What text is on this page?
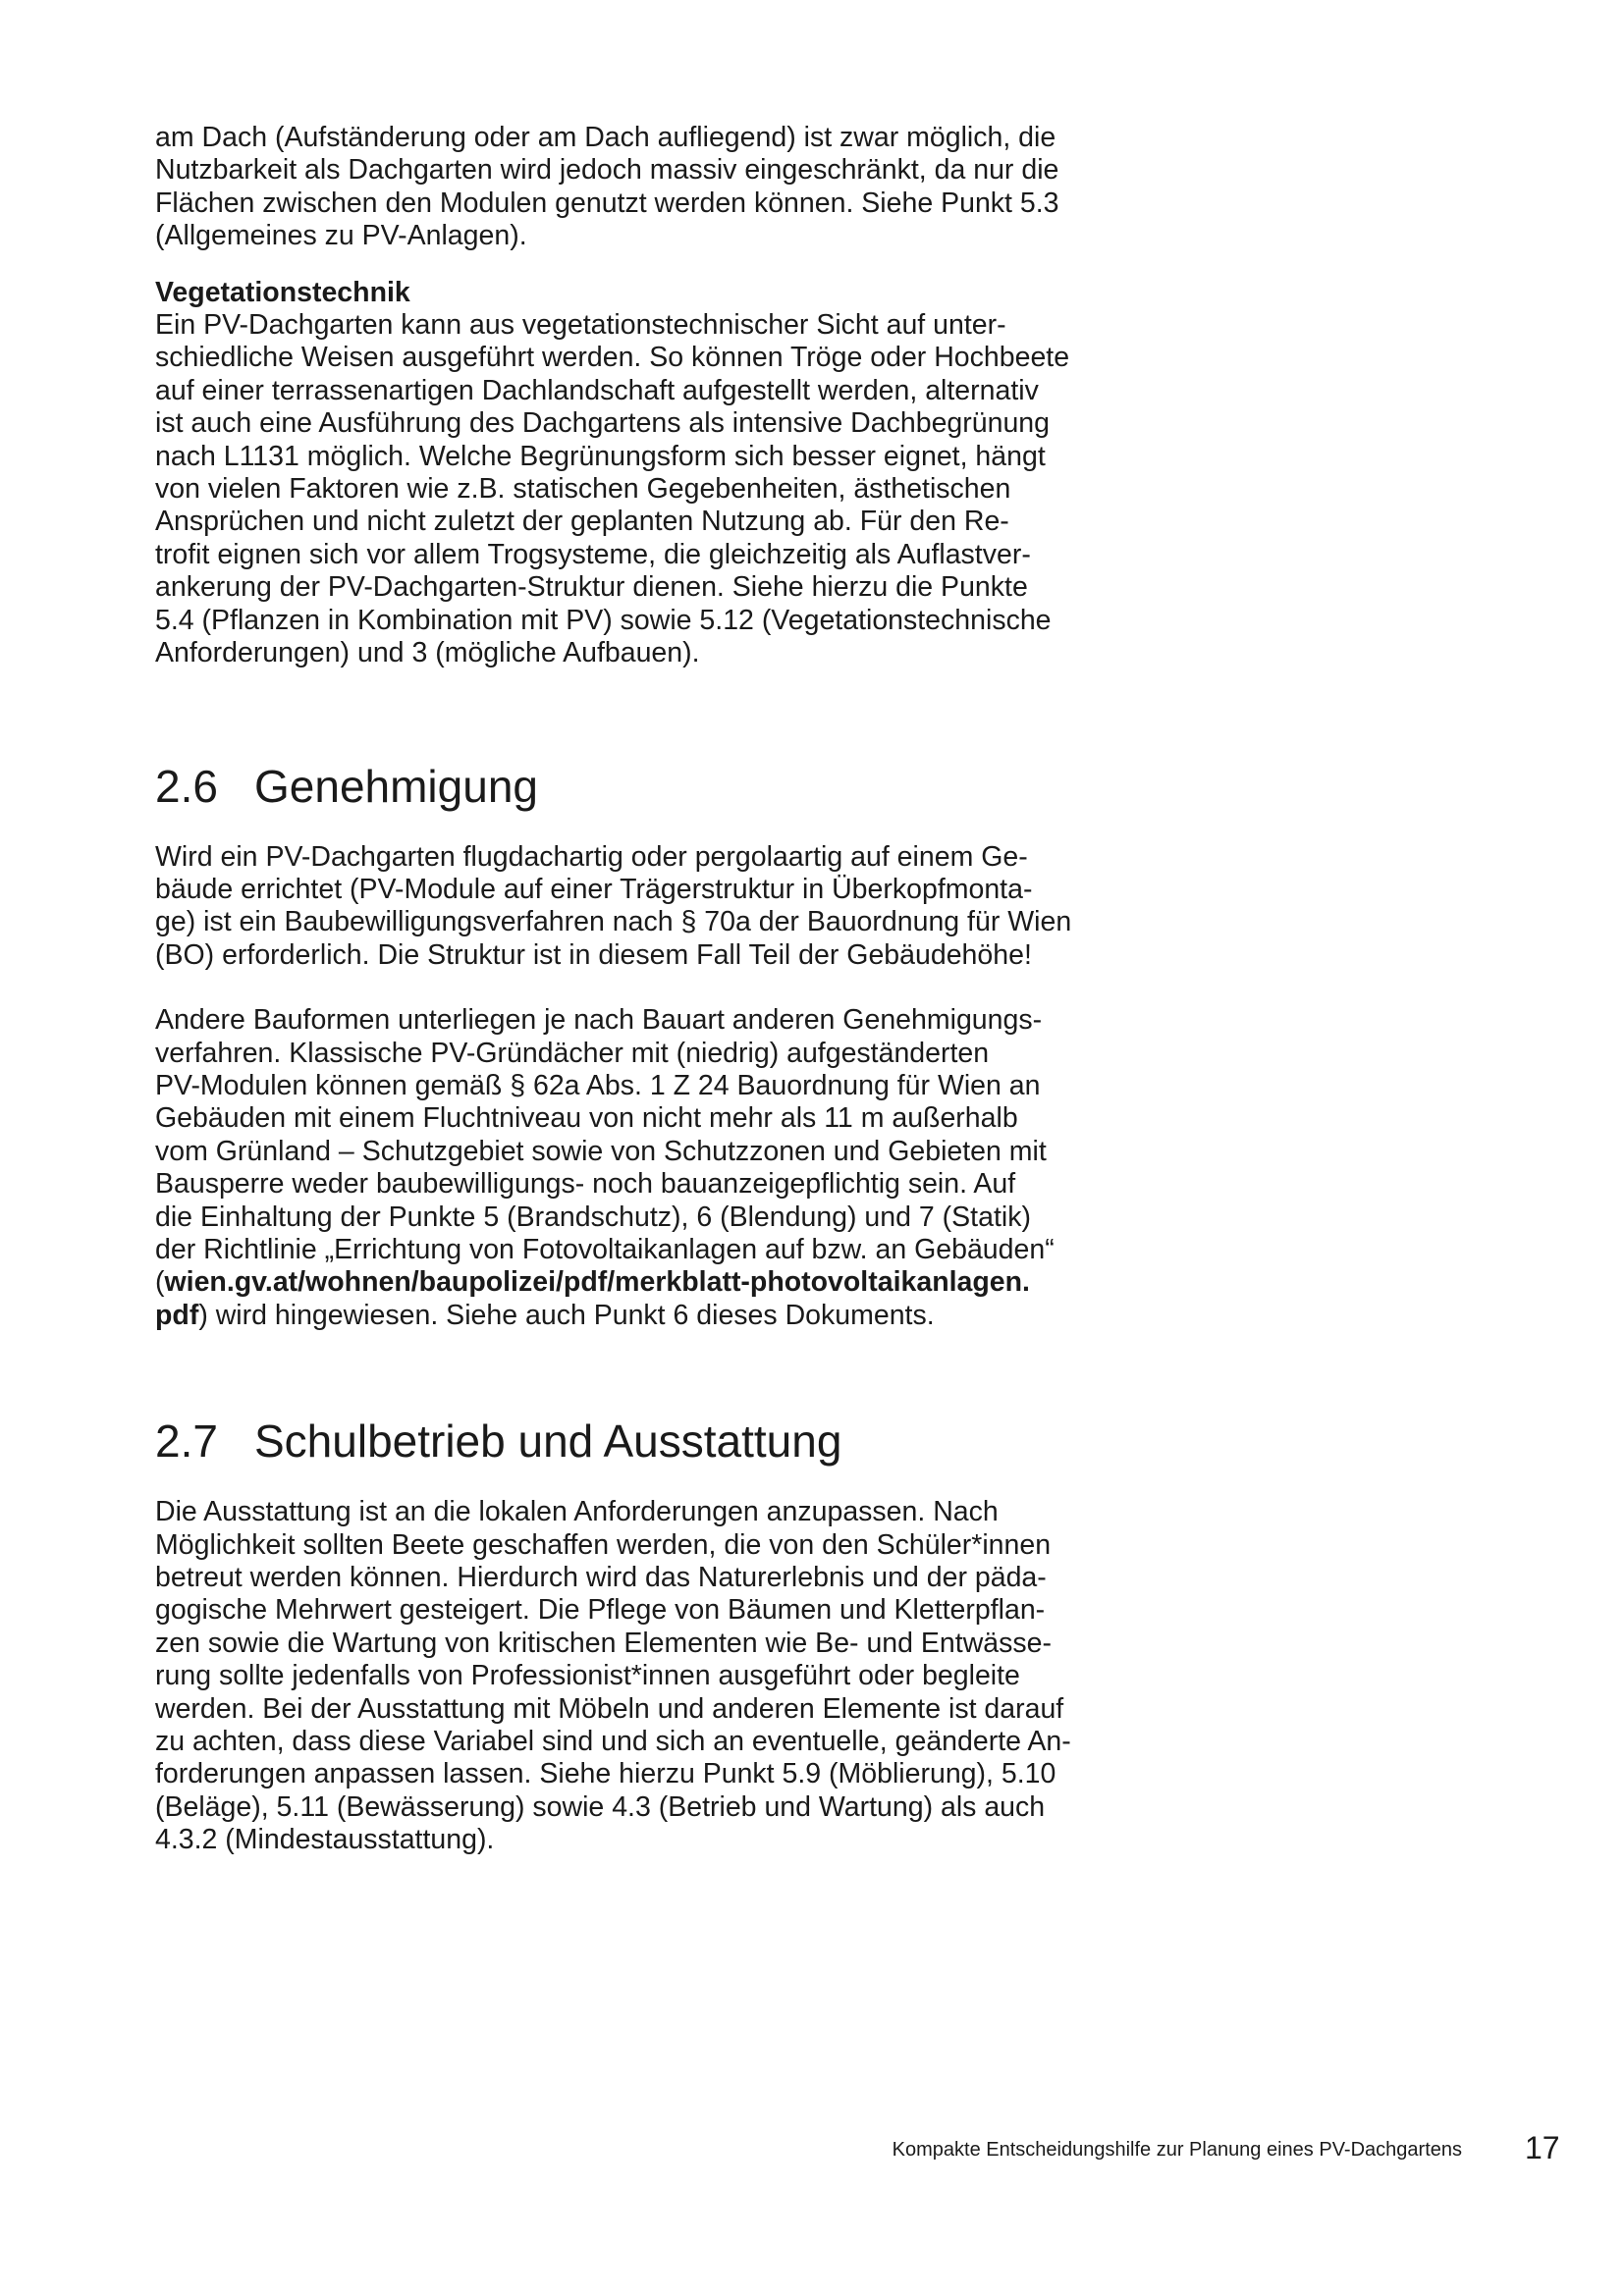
am Dach (Aufständerung oder am Dach aufliegend) ist zwar möglich, die
Nutzbarkeit als Dachgarten wird jedoch massiv eingeschränkt, da nur die
Flächen zwischen den Modulen genutzt werden können. Siehe Punkt 5.3
(Allgemeines zu PV-Anlagen).
Vegetationstechnik
Ein PV-Dachgarten kann aus vegetationstechnischer Sicht auf unter-
schiedliche Weisen ausgeführt werden. So können Tröge oder Hochbeete
auf einer terrassenartigen Dachlandschaft aufgestellt werden, alternativ
ist auch eine Ausführung des Dachgartens als intensive Dachbegrünung
nach L1131 möglich. Welche Begrünungsform sich besser eignet, hängt
von vielen Faktoren wie z.B. statischen Gegebenheiten, ästhetischen
Ansprüchen und nicht zuletzt der geplanten Nutzung ab. Für den Re-
trofit eignen sich vor allem Trogsysteme, die gleichzeitig als Auflastver-
ankerung der PV-Dachgarten-Struktur dienen. Siehe hierzu die Punkte
5.4 (Pflanzen in Kombination mit PV) sowie 5.12 (Vegetationstechnische
Anforderungen) und 3 (mögliche Aufbauen).
2.6 Genehmigung
Wird ein PV-Dachgarten flugdachartig oder pergolaartig auf einem Ge-
bäude errichtet (PV-Module auf einer Trägerstruktur in Überkopfmonta-
ge) ist ein Baubewilligungsverfahren nach § 70a der Bauordnung für Wien
(BO) erforderlich. Die Struktur ist in diesem Fall Teil der Gebäudehöhe!
Andere Bauformen unterliegen je nach Bauart anderen Genehmigungs-
verfahren. Klassische PV-Gründächer mit (niedrig) aufgeständerten
PV-Modulen können gemäß § 62a Abs. 1 Z 24 Bauordnung für Wien an
Gebäuden mit einem Fluchtniveau von nicht mehr als 11 m außerhalb
vom Grünland – Schutzgebiet sowie von Schutzzonen und Gebieten mit
Bausperre weder baubewilligungs- noch bauanzeigepflichtig sein. Auf
die Einhaltung der Punkte 5 (Brandschutz), 6 (Blendung) und 7 (Statik)
der Richtlinie „Errichtung von Fotovoltaikanlagen auf bzw. an Gebäuden“
(wien.gv.at/wohnen/baupolizei/pdf/merkblatt-photovoltaikanlagen.
pdf) wird hingewiesen. Siehe auch Punkt 6 dieses Dokuments.
2.7 Schulbetrieb und Ausstattung
Die Ausstattung ist an die lokalen Anforderungen anzupassen. Nach
Möglichkeit sollten Beete geschaffen werden, die von den Schüler*innen
betreut werden können. Hierdurch wird das Naturerlebnis und der päda-
gogische Mehrwert gesteigert. Die Pflege von Bäumen und Kletterpflan-
zen sowie die Wartung von kritischen Elementen wie Be- und Entwässe-
rung sollte jedenfalls von Professionist*innen ausgeführt oder begleite
werden. Bei der Ausstattung mit Möbeln und anderen Elemente ist darauf
zu achten, dass diese Variabel sind und sich an eventuelle, geänderte An-
forderungen anpassen lassen. Siehe hierzu Punkt 5.9 (Möblierung), 5.10
(Beläge), 5.11 (Bewässerung) sowie 4.3 (Betrieb und Wartung) als auch
4.3.2 (Mindestausstattung).
Kompakte Entscheidungshilfe zur Planung eines PV-Dachgartens 17
